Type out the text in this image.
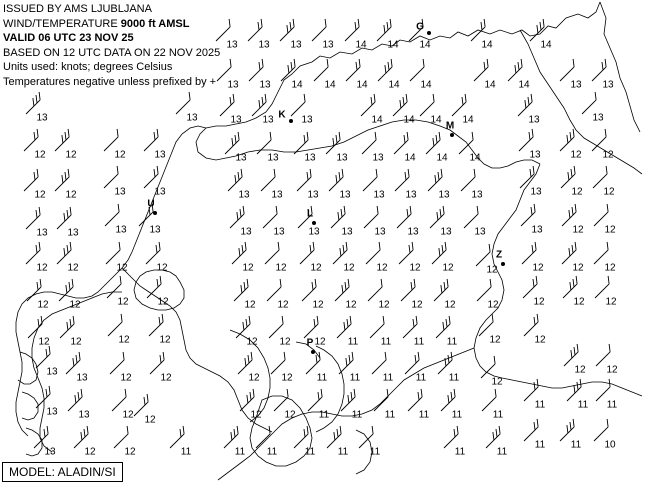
ISSUED BY AMS LJUBLJANA
WIND/TEMPERATURE 9000 ft AMSL
VALID 06 UTC 23 NOV 25
BASED ON 12 UTC DATA ON 22 NOV 2025
Units used: knots; degrees Celsius
Temperatures negative unless prefixed by +
13 13 13 13 14 14 14	14	14
13 13 14 14 14 14 14	14 14	13 13
13	13	13 13	13	14 14 14 14	13	13
12 12	12	13	13 13	13 13 13 14 14 14	13	12 12
12 12	13	13	13 13 13 13 13 13 13 13	13	12 12
13 13	13 13	13 13 13 13 13 13 13 13	13	12 12
12 12	12	12	12 12 12 12 12 12 12	12	12	12 12
12 12	12	12	12 12 12 12 12 12 12	12	12	12 12
12 12	12	12	12 12 12 11 11 11 11	12	12
12 12
13
13	12	12	12 12 11 11 11 11 11	12
11	11 11
13 13	12 12	12 12 11 11 11 11 11	11
11	11 10
13	12	12	11	11 11	11 11 11	11	11
G
K
M
U
L
Z
P
MODEL: ALADIN/SI
